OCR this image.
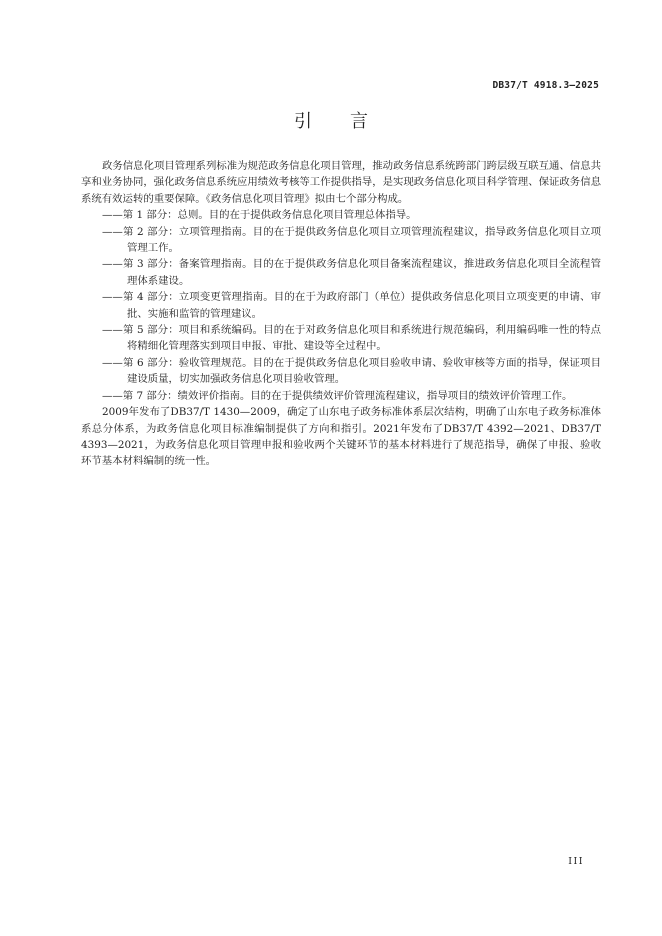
DB37/T 4918.3—2025
引言

政务信息化项目管理系列标准为规范政务信息化项目管理，推动政务信息系统跨部门跨层级互联互通、信息共享和业务协同，强化政务信息系统应用绩效考核等工作提供指导，是实现政务信息化项目科学管理、保证政务信息系统有效运转的重要保障。《政务信息化项目管理》拟由七个部分构成。

——第 1 部分：总则。目的在于提供政务信息化项目管理总体指导。

——第 2 部分：立项管理指南。目的在于提供政务信息化项目立项管理流程建议，指导政务信息化项目立项管理工作。

——第 3 部分：备案管理指南。目的在于提供政务信息化项目备案流程建议，推进政务信息化项目全流程管理体系建设。

——第 4 部分：立项变更管理指南。目的在于为政府部门（单位）提供政务信息化项目立项变更的申请、审批、实施和监管的管理建议。

——第 5 部分：项目和系统编码。目的在于对政务信息化项目和系统进行规范编码，利用编码唯一性的特点将精细化管理落实到项目申报、审批、建设等全过程中。

——第 6 部分：验收管理规范。目的在于提供政务信息化项目验收申请、验收审核等方面的指导，保证项目建设质量，切实加强政务信息化项目验收管理。

——第 7 部分：绩效评价指南。目的在于提供绩效评价管理流程建议，指导项目的绩效评价管理工作。

2009年发布了DB37/T 1430—2009，确定了山东电子政务标准体系层次结构，明确了山东电子政务标准体系总分体系，为政务信息化项目标准编制提供了方向和指引。2021年发布了DB37/T 4392—2021、DB37/T 4393—2021，为政务信息化项目管理申报和验收两个关键环节的基本材料进行了规范指导，确保了申报、验收环节基本材料编制的统一性。

III
